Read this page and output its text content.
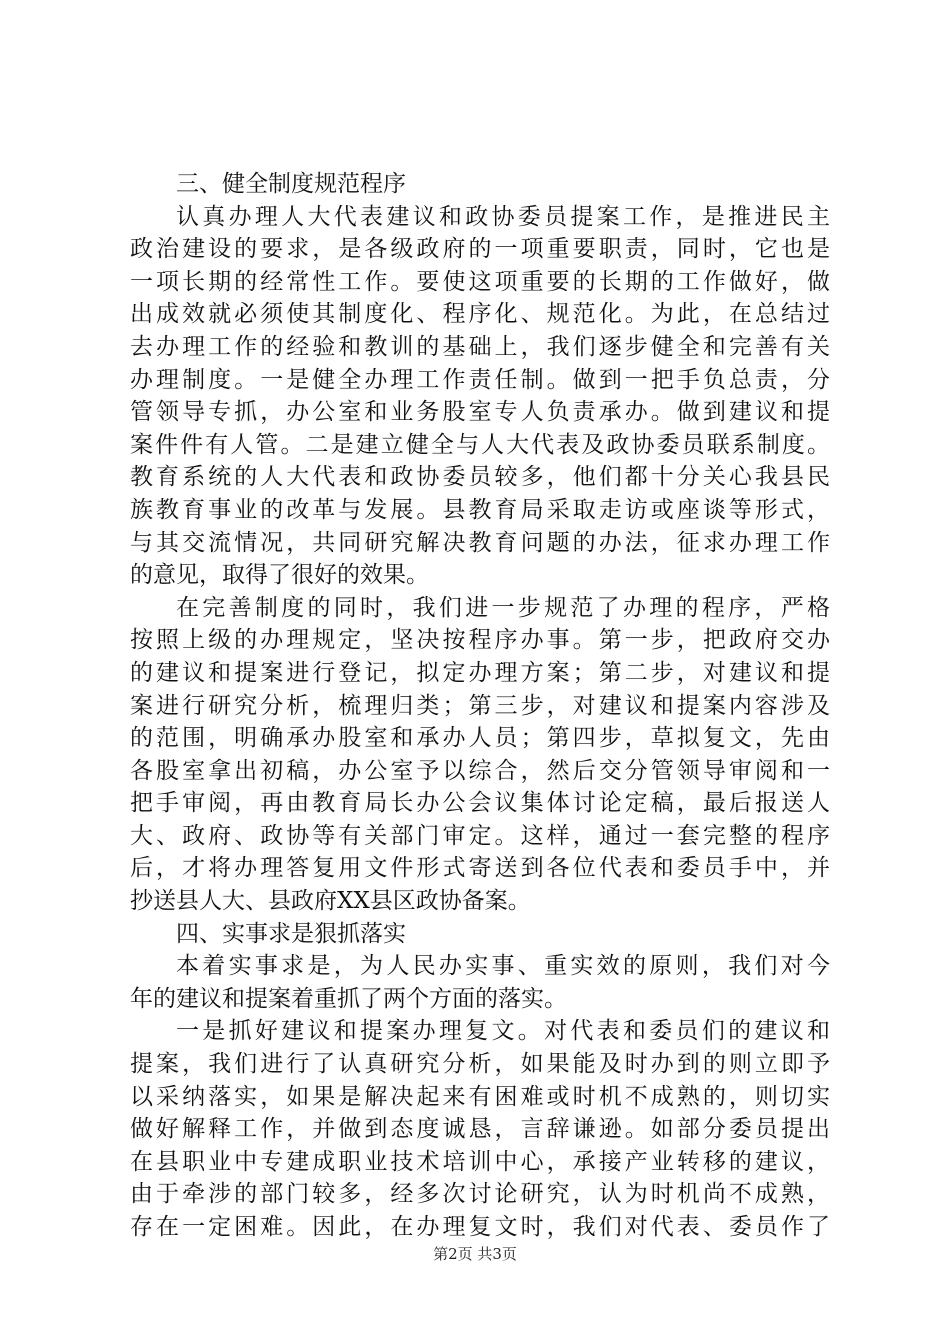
三、健全制度规范程序
认真办理人大代表建议和政协委员提案工作，是推进民主
政治建设的要求，是各级政府的一项重要职责，同时，它也是
一项长期的经常性工作。要使这项重要的长期的工作做好，做
出成效就必须使其制度化、程序化、规范化。为此，在总结过
去办理工作的经验和教训的基础上，我们逐步健全和完善有关
办理制度。一是健全办理工作责任制。做到一把手负总责，分
管领导专抓，办公室和业务股室专人负责承办。做到建议和提
案件件有人管。二是建立健全与人大代表及政协委员联系制度。
教育系统的人大代表和政协委员较多，他们都十分关心我县民
族教育事业的改革与发展。县教育局采取走访或座谈等形式，
与其交流情况，共同研究解决教育问题的办法，征求办理工作
的意见，取得了很好的效果。
在完善制度的同时，我们进一步规范了办理的程序，严格
按照上级的办理规定，坚决按程序办事。第一步，把政府交办
的建议和提案进行登记，拟定办理方案；第二步，对建议和提
案进行研究分析，梳理归类；第三步，对建议和提案内容涉及
的范围，明确承办股室和承办人员；第四步，草拟复文，先由
各股室拿出初稿，办公室予以综合，然后交分管领导审阅和一
把手审阅，再由教育局长办公会议集体讨论定稿，最后报送人
大、政府、政协等有关部门审定。这样，通过一套完整的程序
后，才将办理答复用文件形式寄送到各位代表和委员手中，并
抄送县人大、县政府XX县区政协备案。
四、实事求是狠抓落实
本着实事求是，为人民办实事、重实效的原则，我们对今
年的建议和提案着重抓了两个方面的落实。
一是抓好建议和提案办理复文。对代表和委员们的建议和
提案，我们进行了认真研究分析，如果能及时办到的则立即予
以采纳落实，如果是解决起来有困难或时机不成熟的，则切实
做好解释工作，并做到态度诚恳，言辞谦逊。如部分委员提出
在县职业中专建成职业技术培训中心，承接产业转移的建议，
由于牵涉的部门较多，经多次讨论研究，认为时机尚不成熟，
存在一定困难。因此，在办理复文时，我们对代表、委员作了
第2页 共3页
